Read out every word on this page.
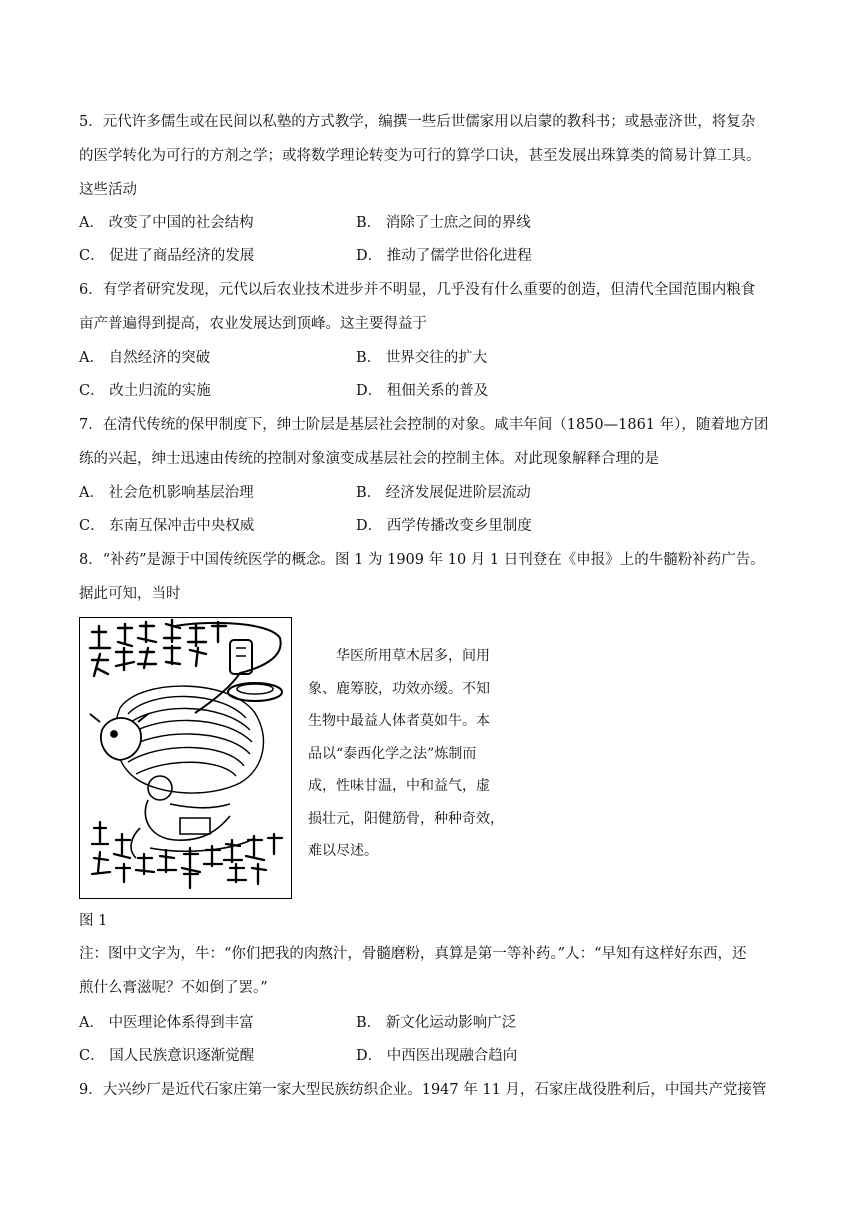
5．元代许多儒生或在民间以私塾的方式教学，编撰一些后世儒家用以启蒙的教科书；或悬壶济世，将复杂
的医学转化为可行的方剂之学；或将数学理论转变为可行的算学口诀，甚至发展出珠算类的简易计算工具。
这些活动
A． 改变了中国的社会结构	B． 消除了士庶之间的界线
C． 促进了商品经济的发展	D． 推动了儒学世俗化进程
6．有学者研究发现，元代以后农业技术进步并不明显，几乎没有什么重要的创造，但清代全国范围内粮食
亩产普遍得到提高，农业发展达到顶峰。这主要得益于
A． 自然经济的突破	B． 世界交往的扩大
C． 改土归流的实施	D． 租佃关系的普及
7．在清代传统的保甲制度下，绅士阶层是基层社会控制的对象。咸丰年间（1850—1861 年），随着地方团
练的兴起，绅士迅速由传统的控制对象演变成基层社会的控制主体。对此现象解释合理的是
A． 社会危机影响基层治理	B． 经济发展促进阶层流动
C． 东南互保冲击中央权威	D． 西学传播改变乡里制度
8．“补药”是源于中国传统医学的概念。图 1 为 1909 年 10 月 1 日刊登在《申报》上的牛髓粉补药广告。
据此可知，当时

　　华医所用草木居多，间用

象、鹿筹胶，功效亦缓。不知

生物中最益人体者莫如牛。本

品以“泰西化学之法”炼制而

成，性味甘温，中和益气，虚

损壮元，阳健筋骨，种种奇效，

难以尽述。

图 1
注：图中文字为，牛：“你们把我的肉熬汁，骨髓磨粉，真算是第一等补药。”人：“早知有这样好东西，还
煎什么膏滋呢？不如倒了罢。”
A． 中医理论体系得到丰富	B． 新文化运动影响广泛
C． 国人民族意识逐渐觉醒	D． 中西医出现融合趋向
9．大兴纱厂是近代石家庄第一家大型民族纺织企业。1947 年 11 月，石家庄战役胜利后，中国共产党接管
